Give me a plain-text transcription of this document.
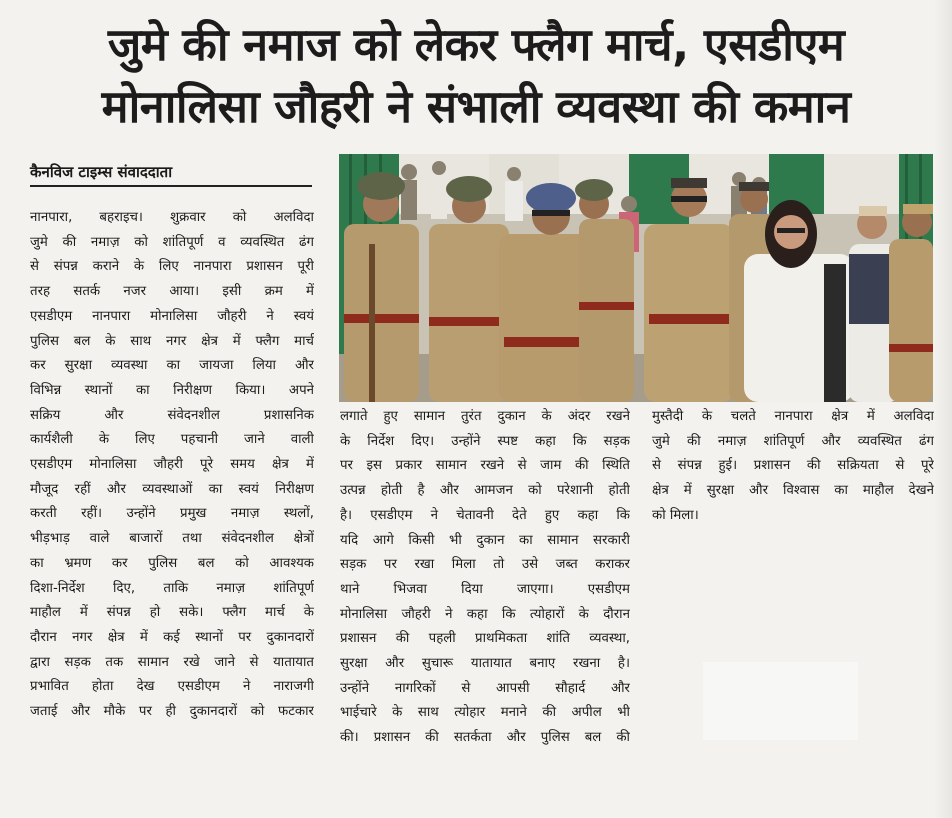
जुमे की नमाज को लेकर फ्लैग मार्च, एसडीएम
मोनालिसा जौहरी ने संभाली व्यवस्था की कमान
कैनविज टाइम्स संवाददाता
नानपारा, बहराइच। शुक्रवार को अलविदा
जुमे की नमाज़ को शांतिपूर्ण व व्यवस्थित ढंग
से संपन्न कराने के लिए नानपारा प्रशासन पूरी
तरह सतर्क नजर आया। इसी क्रम में
एसडीएम नानपारा मोनालिसा जौहरी ने स्वयं
पुलिस बल के साथ नगर क्षेत्र में फ्लैग मार्च
कर सुरक्षा व्यवस्था का जायजा लिया और
विभिन्न स्थानों का निरीक्षण किया। अपने
सक्रिय और संवेदनशील प्रशासनिक
कार्यशैली के लिए पहचानी जाने वाली
एसडीएम मोनालिसा जौहरी पूरे समय क्षेत्र में
मौजूद रहीं और व्यवस्थाओं का स्वयं निरीक्षण
करती रहीं। उन्होंने प्रमुख नमाज़ स्थलों,
भीड़भाड़ वाले बाजारों तथा संवेदनशील क्षेत्रों
का भ्रमण कर पुलिस बल को आवश्यक
दिशा-निर्देश दिए, ताकि नमाज़ शांतिपूर्ण
माहौल में संपन्न हो सके। फ्लैग मार्च के
दौरान नगर क्षेत्र में कई स्थानों पर दुकानदारों
द्वारा सड़क तक सामान रखे जाने से यातायात
प्रभावित होता देख एसडीएम ने नाराजगी
जताई और मौके पर ही दुकानदारों को फटकार
लगाते हुए सामान तुरंत दुकान के अंदर रखने
के निर्देश दिए। उन्होंने स्पष्ट कहा कि सड़क
पर इस प्रकार सामान रखने से जाम की स्थिति
उत्पन्न होती है और आमजन को परेशानी होती
है। एसडीएम ने चेतावनी देते हुए कहा कि
यदि आगे किसी भी दुकान का सामान सरकारी
सड़क पर रखा मिला तो उसे जब्त कराकर
थाने भिजवा दिया जाएगा। एसडीएम
मोनालिसा जौहरी ने कहा कि त्योहारों के दौरान
प्रशासन की पहली प्राथमिकता शांति व्यवस्था,
सुरक्षा और सुचारू यातायात बनाए रखना है।
उन्होंने नागरिकों से आपसी सौहार्द और
भाईचारे के साथ त्योहार मनाने की अपील भी
की। प्रशासन की सतर्कता और पुलिस बल की
मुस्तैदी के चलते नानपारा क्षेत्र में अलविदा
जुमे की नमाज़ शांतिपूर्ण और व्यवस्थित ढंग
से संपन्न हुई। प्रशासन की सक्रियता से पूरे
क्षेत्र में सुरक्षा और विश्वास का माहौल देखने
को मिला।
